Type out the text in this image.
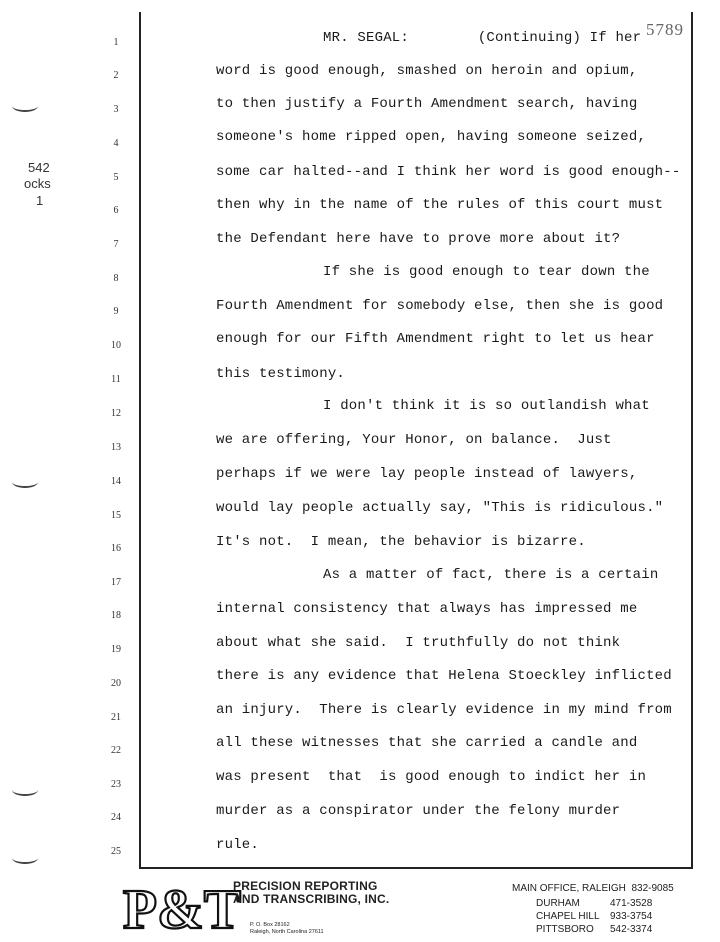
5789
542
ocks
1
1	MR. SEGAL:        (Continuing) If her
2	word is good enough, smashed on heroin and opium,
3	to then justify a Fourth Amendment search, having
4	someone's home ripped open, having someone seized,
5	some car halted--and I think her word is good enough--
6	then why in the name of the rules of this court must
7	the Defendant here have to prove more about it?
8	If she is good enough to tear down the
9	Fourth Amendment for somebody else, then she is good
10	enough for our Fifth Amendment right to let us hear
11	this testimony.
12	I don't think it is so outlandish what
13	we are offering, Your Honor, on balance.  Just
14	perhaps if we were lay people instead of lawyers,
15	would lay people actually say, "This is ridiculous."
16	It's not.  I mean, the behavior is bizarre.
17	As a matter of fact, there is a certain
18	internal consistency that always has impressed me
19	about what she said.  I truthfully do not think
20	there is any evidence that Helena Stoeckley inflicted
21	an injury.  There is clearly evidence in my mind from
22	all these witnesses that she carried a candle and
23	was present  that  is good enough to indict her in
24	murder as a conspirator under the felony murder
25	rule.
P&T
PRECISION REPORTING
AND TRANSCRIBING, INC.
P. O. Box 28162
Raleigh, North Carolina 27611
MAIN OFFICE, RALEIGH  832-9085
DURHAM	471-3528
CHAPEL HILL 933-3754
PITTSBORO 542-3374
